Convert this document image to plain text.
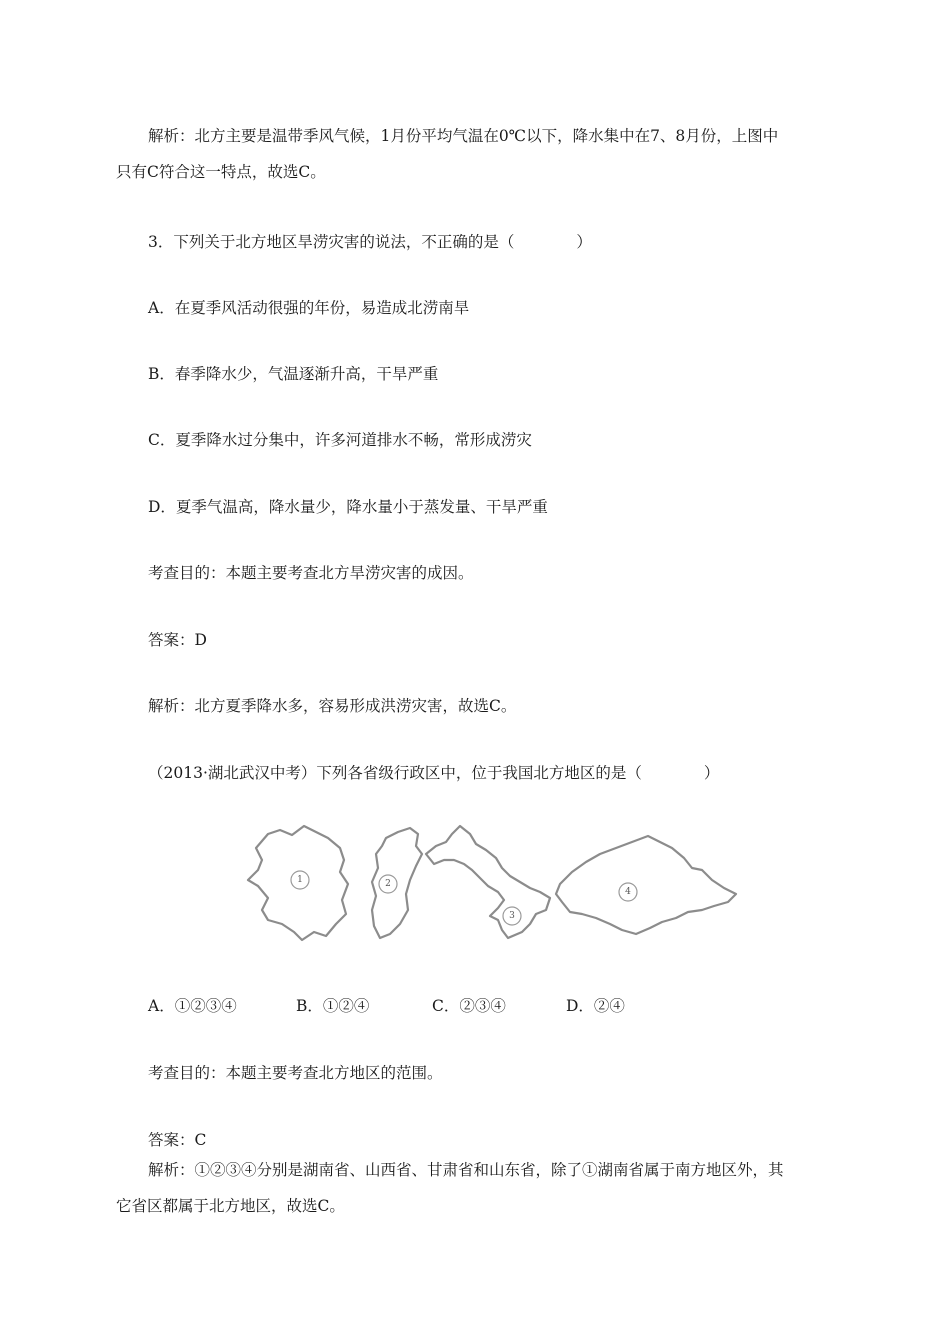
解析：北方主要是温带季风气候，1月份平均气温在0℃以下，降水集中在7、8月份，上图中
只有C符合这一特点，故选C。
3．下列关于北方地区旱涝灾害的说法，不正确的是（　　　　）
A．在夏季风活动很强的年份，易造成北涝南旱
B．春季降水少，气温逐渐升高，干旱严重
C．夏季降水过分集中，许多河道排水不畅，常形成涝灾
D．夏季气温高，降水量少，降水量小于蒸发量、干旱严重
考查目的：本题主要考查北方旱涝灾害的成因。
答案：D
解析：北方夏季降水多，容易形成洪涝灾害，故选C。
（2013·湖北武汉中考）下列各省级行政区中，位于我国北方地区的是（　　　　）
1	2
3
4
A．①②③④	B．①②④	C．②③④	D．②④
考查目的：本题主要考查北方地区的范围。
答案：C
解析：①②③④分别是湖南省、山西省、甘肃省和山东省，除了①湖南省属于南方地区外，其
它省区都属于北方地区，故选C。
